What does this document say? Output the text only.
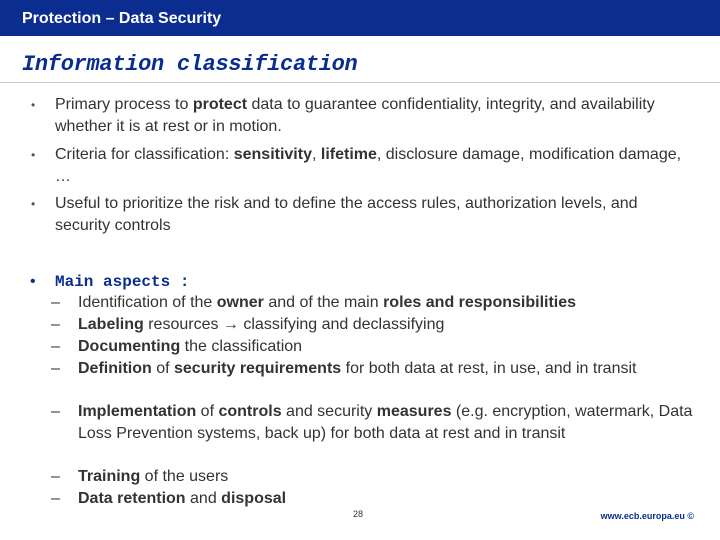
Protection – Data Security
Information classification
• Primary process to protect data to guarantee confidentiality, integrity, and availability whether it is at rest or in motion.
• Criteria for classification: sensitivity, lifetime, disclosure damage, modification damage, …
• Useful to prioritize the risk and to define the access rules, authorization levels, and security controls
• Main aspects :
– Identification of the owner and of the main roles and responsibilities
– Labeling resources → classifying and declassifying
– Documenting the classification
– Definition of security requirements for both data at rest, in use, and in transit
– Implementation of controls and security measures (e.g. encryption, watermark, Data Loss Prevention systems, back up) for both data at rest and in transit
– Training of the users
– Data retention and disposal
28	www.ecb.europa.eu ©
